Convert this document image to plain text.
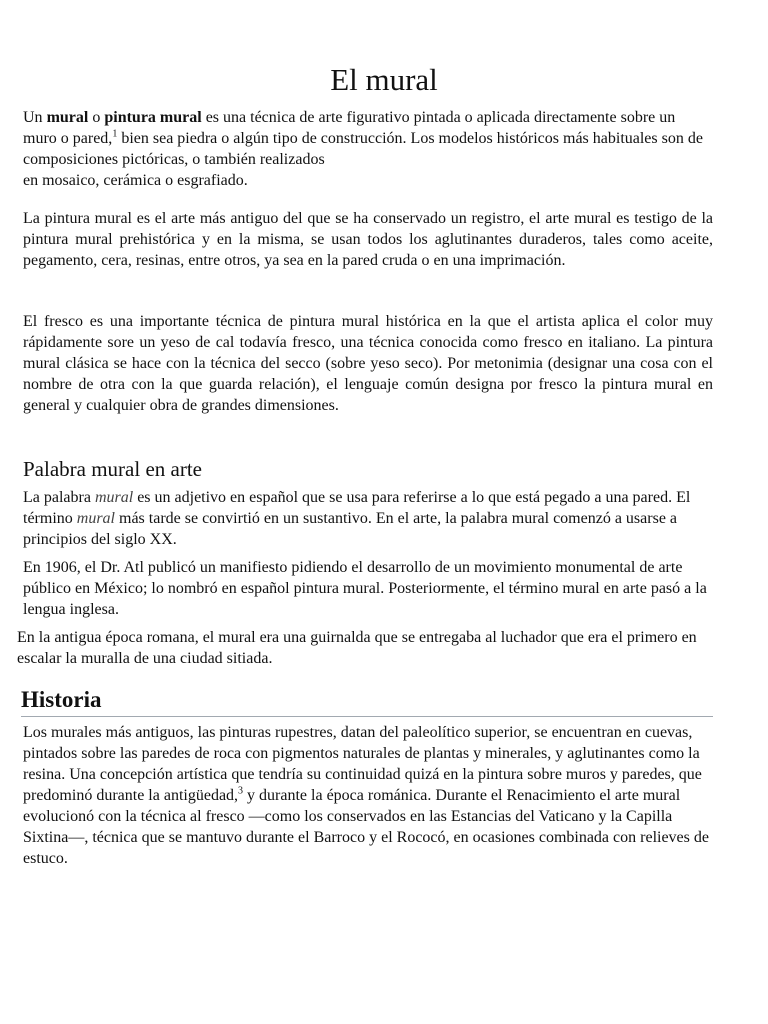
El mural

Un mural o pintura mural es una técnica de arte figurativo pintada o aplicada directamente sobre un muro o pared,$^1$ bien sea piedra o algún tipo de construcción. Los modelos históricos más habituales son de composiciones pictóricas, o también realizados
en mosaico, cerámica o esgrafiado.

La pintura mural es el arte más antiguo del que se ha conservado un registro, el arte mural es testigo de la pintura mural prehistórica y en la misma, se usan todos los aglutinantes duraderos, tales como aceite, pegamento, cera, resinas, entre otros, ya sea en la pared cruda o en una imprimación.

El fresco es una importante técnica de pintura mural histórica en la que el artista aplica el color muy rápidamente sore un yeso de cal todavía fresco, una técnica conocida como fresco en italiano. La pintura mural clásica se hace con la técnica del secco (sobre yeso seco). Por metonimia (designar una cosa con el nombre de otra con la que guarda relación), el lenguaje común designa por fresco la pintura mural en general y cualquier obra de grandes dimensiones.

Palabra mural en arte

La palabra mural es un adjetivo en español que se usa para referirse a lo que está pegado a una pared. El término mural más tarde se convirtió en un sustantivo. En el arte, la palabra mural comenzó a usarse a principios del siglo XX.

En 1906, el Dr. Atl publicó un manifiesto pidiendo el desarrollo de un movimiento monumental de arte público en México; lo nombró en español pintura mural. Posteriormente, el término mural en arte pasó a la lengua inglesa.

En la antigua época romana, el mural era una guirnalda que se entregaba al luchador que era el primero en escalar la muralla de una ciudad sitiada.

Historia

Los murales más antiguos, las pinturas rupestres, datan del paleolítico superior, se encuentran en cuevas, pintados sobre las paredes de roca con pigmentos naturales de plantas y minerales, y aglutinantes como la resina. Una concepción artística que tendría su continuidad quizá en la pintura sobre muros y paredes, que predominó durante la antigüedad,$^3$ y durante la época románica. Durante el Renacimiento el arte mural evolucionó con la técnica al fresco —como los conservados en las Estancias del Vaticano y la Capilla Sixtina—, técnica que se mantuvo durante el Barroco y el Rococó, en ocasiones combinada con relieves de estuco.
